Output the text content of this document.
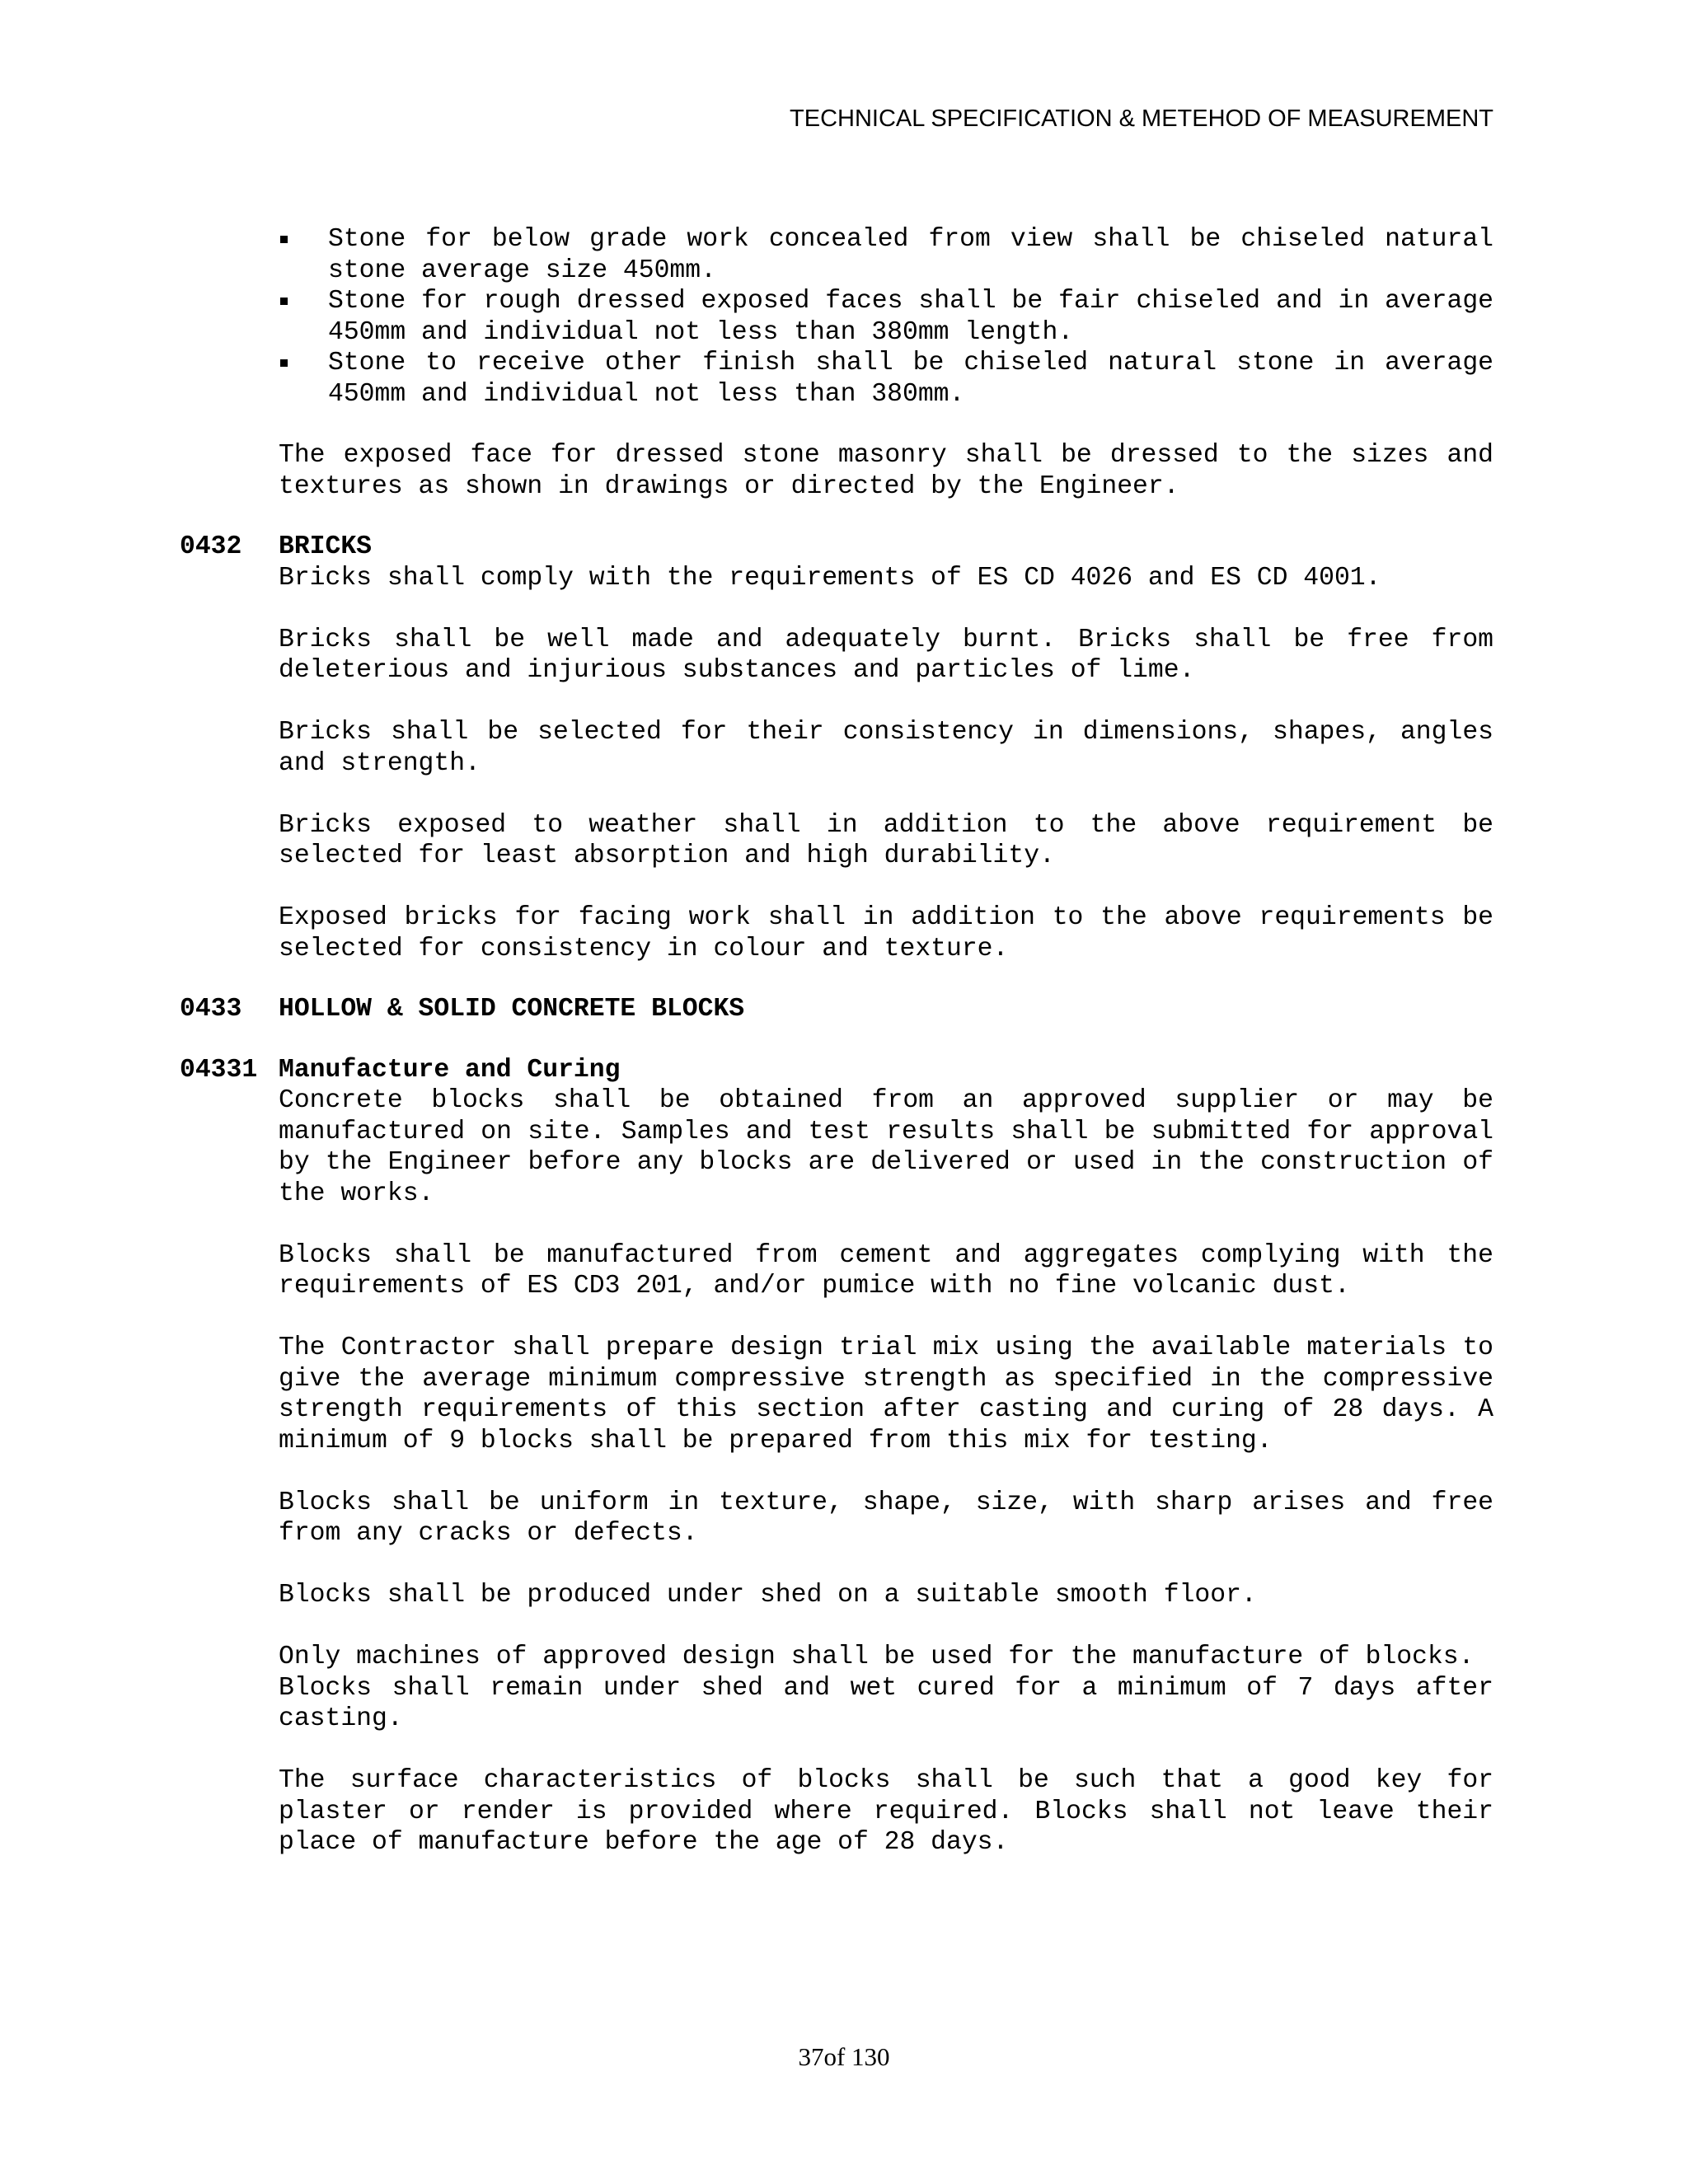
TECHNICAL SPECIFICATION & METEHOD OF MEASUREMENT
Stone for below grade work concealed from view shall be chiseled natural stone average size 450mm.
Stone for rough dressed exposed faces shall be fair chiseled and in average 450mm and individual not less than 380mm length.
Stone to receive other finish shall be chiseled natural stone in average 450mm and individual not less than 380mm.

The exposed face for dressed stone masonry shall be dressed to the sizes and textures as shown in drawings or directed by the Engineer.

0432	BRICKS

Bricks shall comply with the requirements of ES CD 4026 and ES CD 4001.

Bricks shall be well made and adequately burnt. Bricks shall be free from deleterious and injurious substances and particles of lime.

Bricks shall be selected for their consistency in dimensions, shapes, angles and strength.

Bricks exposed to weather shall in addition to the above requirement be selected for least absorption and high durability.

Exposed bricks for facing work shall in addition to the above requirements be selected for consistency in colour and texture.

0433	HOLLOW & SOLID CONCRETE BLOCKS
04331 Manufacture and Curing

Concrete blocks shall be obtained from an approved supplier or may be manufactured on site. Samples and test results shall be submitted for approval by the Engineer before any blocks are delivered or used in the construction of the works.

Blocks shall be manufactured from cement and aggregates complying with the requirements of ES CD3 201, and/or pumice with no fine volcanic dust.

The Contractor shall prepare design trial mix using the available materials to give the average minimum compressive strength as specified in the compressive strength requirements of this section after casting and curing of 28 days. A minimum of 9 blocks shall be prepared from this mix for testing.

Blocks shall be uniform in texture, shape, size, with sharp arises and free from any cracks or defects.

Blocks shall be produced under shed on a suitable smooth floor.

Only machines of approved design shall be used for the manufacture of blocks.

Blocks shall remain under shed and wet cured for a minimum of 7 days after casting.

The surface characteristics of blocks shall be such that a good key for plaster or render is provided where required. Blocks shall not leave their place of manufacture before the age of 28 days.

37of 130
